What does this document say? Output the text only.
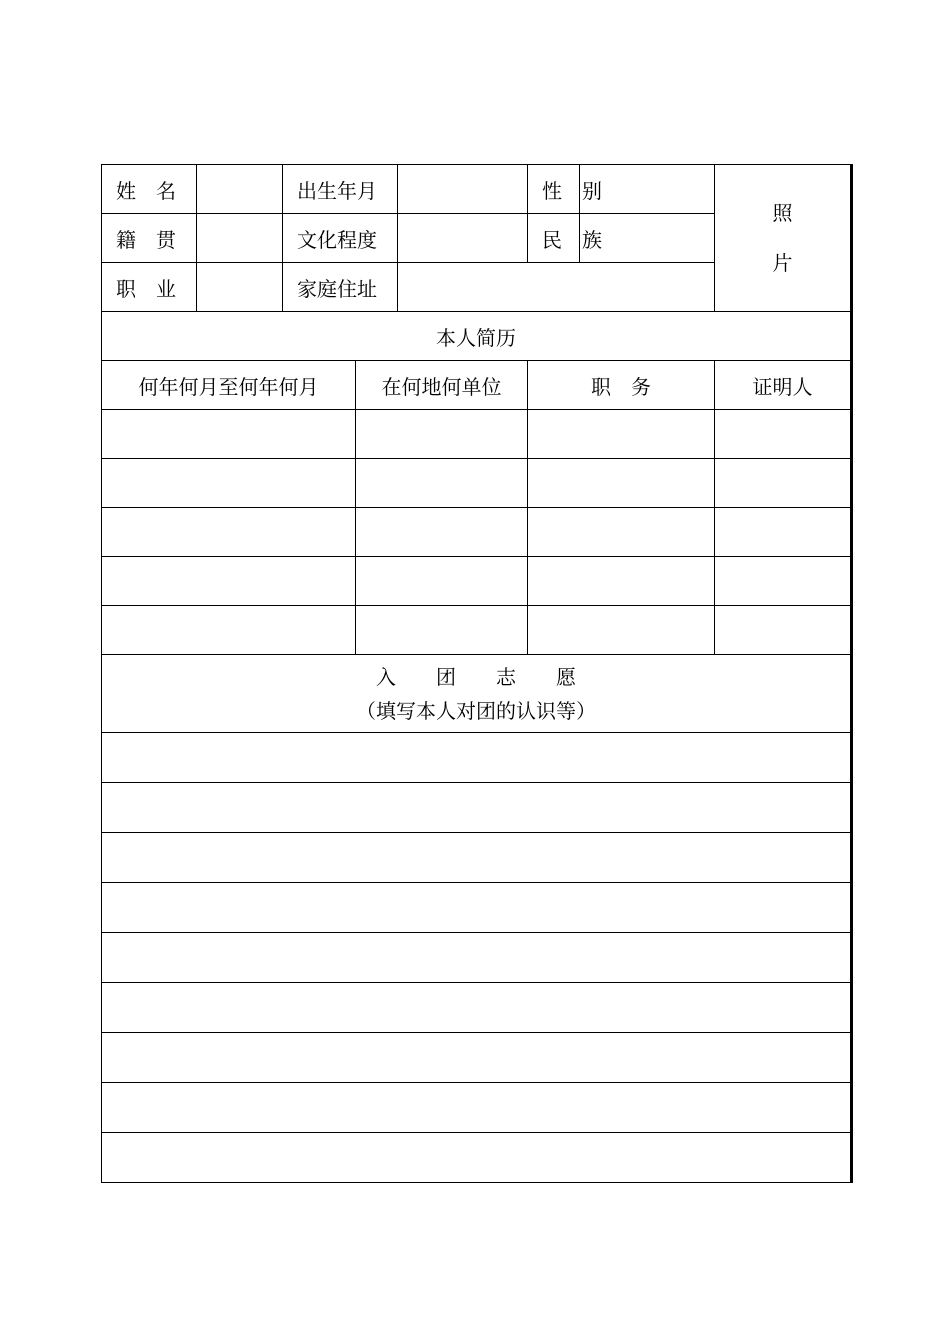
姓　名		出生年月			性　别		照
片

籍　贯		文化程度			民　族		
职　业		家庭住址					
本人简历							
何年何月至何年何月			在何地何单位		职　务		证明人

入　　团　　志　　愿
（填写本人对团的认识等）							
